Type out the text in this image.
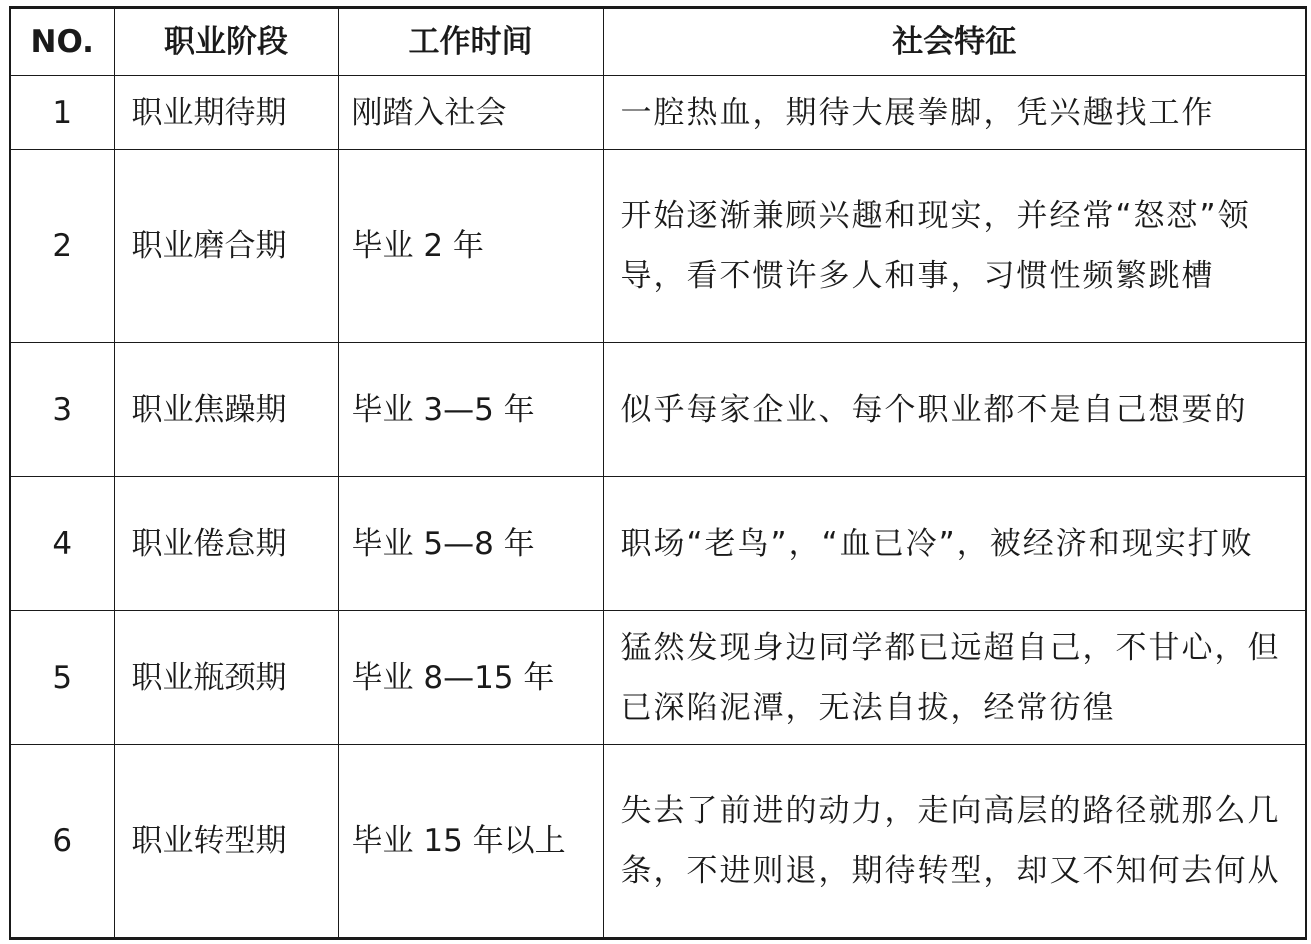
NO.	职业阶段	工作时间	社会特征
1	职业期待期	刚踏入社会	一腔热血，期待大展拳脚，凭兴趣找工作
2	职业磨合期	毕业 2 年	开始逐渐兼顾兴趣和现实，并经常“怒怼”领导，看不惯许多人和事，习惯性频繁跳槽
3	职业焦躁期	毕业 3—5 年	似乎每家企业、每个职业都不是自己想要的
4	职业倦怠期	毕业 5—8 年	职场“老鸟”，“血已冷”，被经济和现实打败
5	职业瓶颈期	毕业 8—15 年	猛然发现身边同学都已远超自己，不甘心，但已深陷泥潭，无法自拔，经常彷徨
6	职业转型期	毕业 15 年以上	失去了前进的动力，走向高层的路径就那么几条，不进则退，期待转型，却又不知何去何从
